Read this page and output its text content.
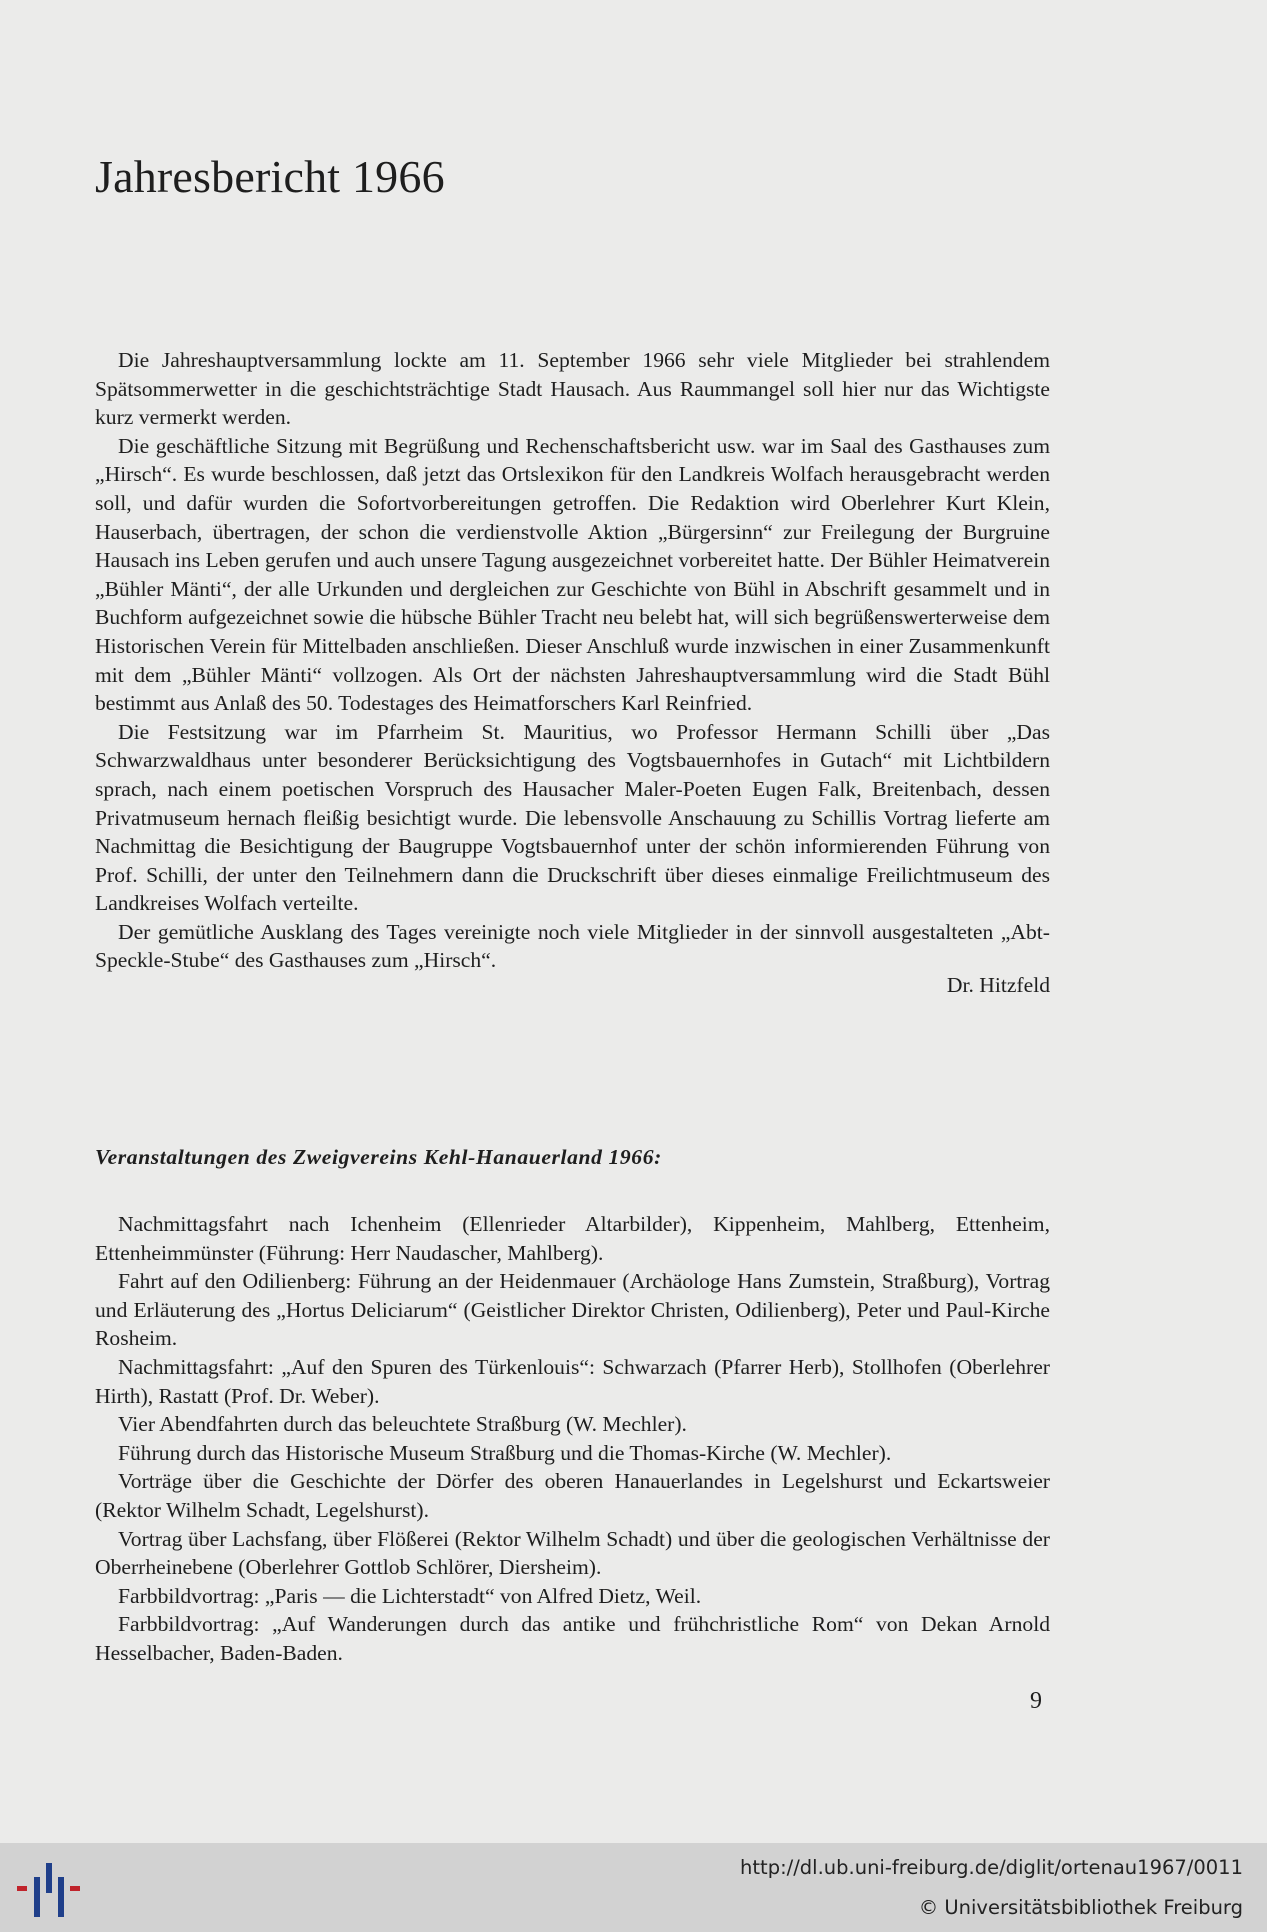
Jahresbericht 1966

Die Jahreshauptversammlung lockte am 11. September 1966 sehr viele Mitglieder bei strahlendem Spätsommerwetter in die geschichtsträchtige Stadt Hausach. Aus Raummangel soll hier nur das Wichtigste kurz vermerkt werden.

Die geschäftliche Sitzung mit Begrüßung und Rechenschaftsbericht usw. war im Saal des Gasthauses zum „Hirsch“. Es wurde beschlossen, daß jetzt das Ortslexikon für den Landkreis Wolfach herausgebracht werden soll, und dafür wurden die Sofortvorbereitungen getroffen. Die Redaktion wird Oberlehrer Kurt Klein, Hauserbach, übertragen, der schon die verdienstvolle Aktion „Bürgersinn“ zur Freilegung der Burgruine Hausach ins Leben gerufen und auch unsere Tagung ausgezeichnet vorbereitet hatte. Der Bühler Heimatverein „Bühler Mänti“, der alle Urkunden und dergleichen zur Geschichte von Bühl in Abschrift gesammelt und in Buchform aufgezeichnet sowie die hübsche Bühler Tracht neu belebt hat, will sich begrüßenswerterweise dem Historischen Verein für Mittelbaden anschließen. Dieser Anschluß wurde inzwischen in einer Zusammenkunft mit dem „Bühler Mänti“ vollzogen. Als Ort der nächsten Jahreshauptversammlung wird die Stadt Bühl bestimmt aus Anlaß des 50. Todestages des Heimatforschers Karl Reinfried.

Die Festsitzung war im Pfarrheim St. Mauritius, wo Professor Hermann Schilli über „Das Schwarzwaldhaus unter besonderer Berücksichtigung des Vogtsbauernhofes in Gutach“ mit Lichtbildern sprach, nach einem poetischen Vorspruch des Hausacher Maler-Poeten Eugen Falk, Breitenbach, dessen Privatmuseum hernach fleißig besichtigt wurde. Die lebensvolle Anschauung zu Schillis Vortrag lieferte am Nachmittag die Besichtigung der Baugruppe Vogtsbauernhof unter der schön informierenden Führung von Prof. Schilli, der unter den Teilnehmern dann die Druckschrift über dieses einmalige Freilichtmuseum des Landkreises Wolfach verteilte.

Der gemütliche Ausklang des Tages vereinigte noch viele Mitglieder in der sinnvoll ausgestalteten „Abt-Speckle-Stube“ des Gasthauses zum „Hirsch“.

Dr. Hitzfeld
Veranstaltungen des Zweigvereins Kehl-Hanauerland 1966:

Nachmittagsfahrt nach Ichenheim (Ellenrieder Altarbilder), Kippenheim, Mahlberg, Ettenheim, Ettenheimmünster (Führung: Herr Naudascher, Mahlberg).

Fahrt auf den Odilienberg: Führung an der Heidenmauer (Archäologe Hans Zumstein, Straßburg), Vortrag und Erläuterung des „Hortus Deliciarum“ (Geistlicher Direktor Christen, Odilienberg), Peter und Paul-Kirche Rosheim.

Nachmittagsfahrt: „Auf den Spuren des Türkenlouis“: Schwarzach (Pfarrer Herb), Stollhofen (Oberlehrer Hirth), Rastatt (Prof. Dr. Weber).

Vier Abendfahrten durch das beleuchtete Straßburg (W. Mechler).

Führung durch das Historische Museum Straßburg und die Thomas-Kirche (W. Mechler).

Vorträge über die Geschichte der Dörfer des oberen Hanauerlandes in Legelshurst und Eckartsweier (Rektor Wilhelm Schadt, Legelshurst).

Vortrag über Lachsfang, über Flößerei (Rektor Wilhelm Schadt) und über die geologischen Verhältnisse der Oberrheinebene (Oberlehrer Gottlob Schlörer, Diersheim).

Farbbildvortrag: „Paris — die Lichterstadt“ von Alfred Dietz, Weil.

Farbbildvortrag: „Auf Wanderungen durch das antike und frühchristliche Rom“ von Dekan Arnold Hesselbacher, Baden-Baden.

9
http://dl.ub.uni-freiburg.de/diglit/ortenau1967/0011
© Universitätsbibliothek Freiburg
